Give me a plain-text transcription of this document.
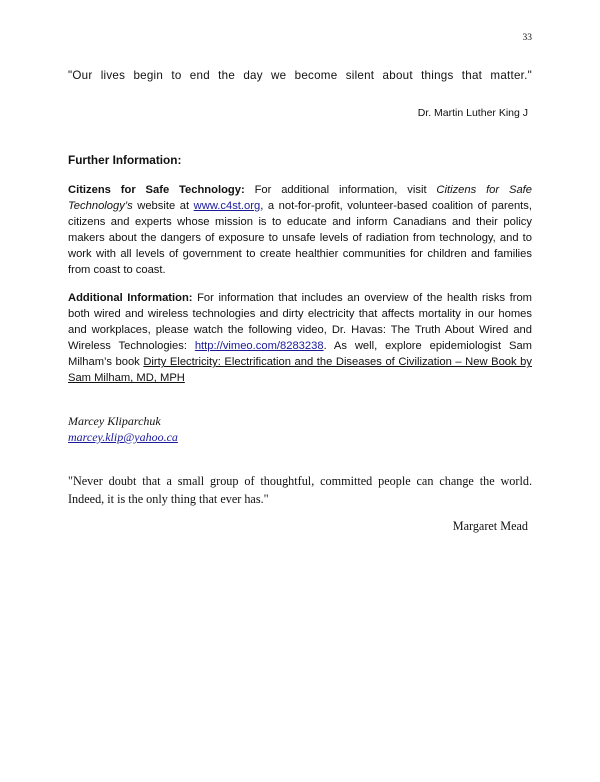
33
"Our lives begin to end the day we become silent about things that matter."
Dr. Martin Luther King J
Further Information:
Citizens for Safe Technology: For additional information, visit Citizens for Safe Technology’s website at www.c4st.org, a not-for-profit, volunteer-based coalition of parents, citizens and experts whose mission is to educate and inform Canadians and their policy makers about the dangers of exposure to unsafe levels of radiation from technology, and to work with all levels of government to create healthier communities for children and families from coast to coast.
Additional Information: For information that includes an overview of the health risks from both wired and wireless technologies and dirty electricity that affects mortality in our homes and workplaces, please watch the following video, Dr. Havas: The Truth About Wired and Wireless Technologies: http://vimeo.com/8283238. As well, explore epidemiologist Sam Milham’s book Dirty Electricity: Electrification and the Diseases of Civilization – New Book by Sam Milham, MD, MPH
Marcey Kliparchuk
marcey.klip@yahoo.ca
"Never doubt that a small group of thoughtful, committed people can change the world. Indeed, it is the only thing that ever has."
Margaret Mead
